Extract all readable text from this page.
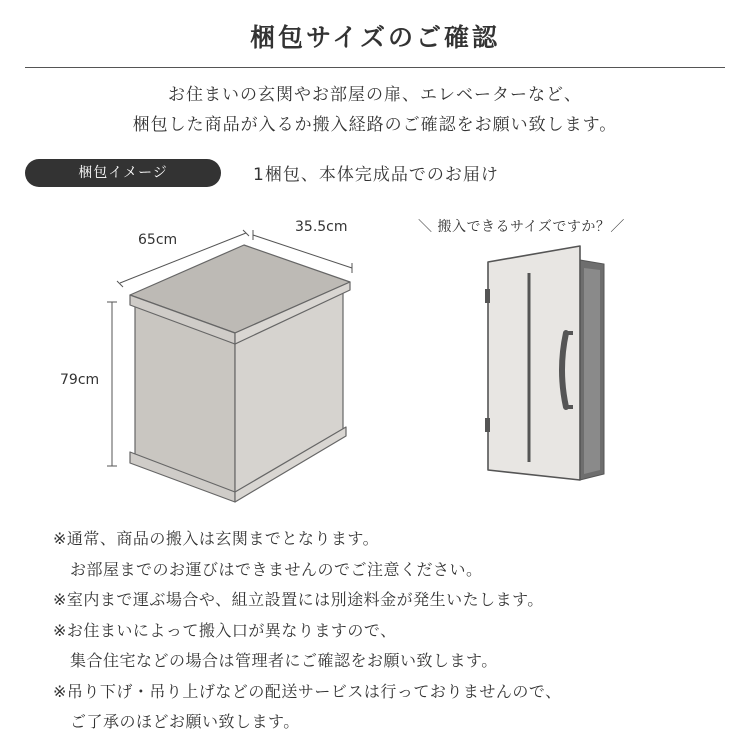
梱包サイズのご確認
お住まいの玄関やお部屋の扉、エレベーターなど、
梱包した商品が入るか搬入経路のご確認をお願い致します。
梱包イメージ	1梱包、本体完成品でのお届け
65cm
35.5cm
79cm
＼ 搬入できるサイズですか？／
※通常、商品の搬入は玄関までとなります。
お部屋までのお運びはできませんのでご注意ください。
※室内まで運ぶ場合や、組立設置には別途料金が発生いたします。
※お住まいによって搬入口が異なりますので、
集合住宅などの場合は管理者にご確認をお願い致します。
※吊り下げ・吊り上げなどの配送サービスは行っておりませんので、
ご了承のほどお願い致します。
